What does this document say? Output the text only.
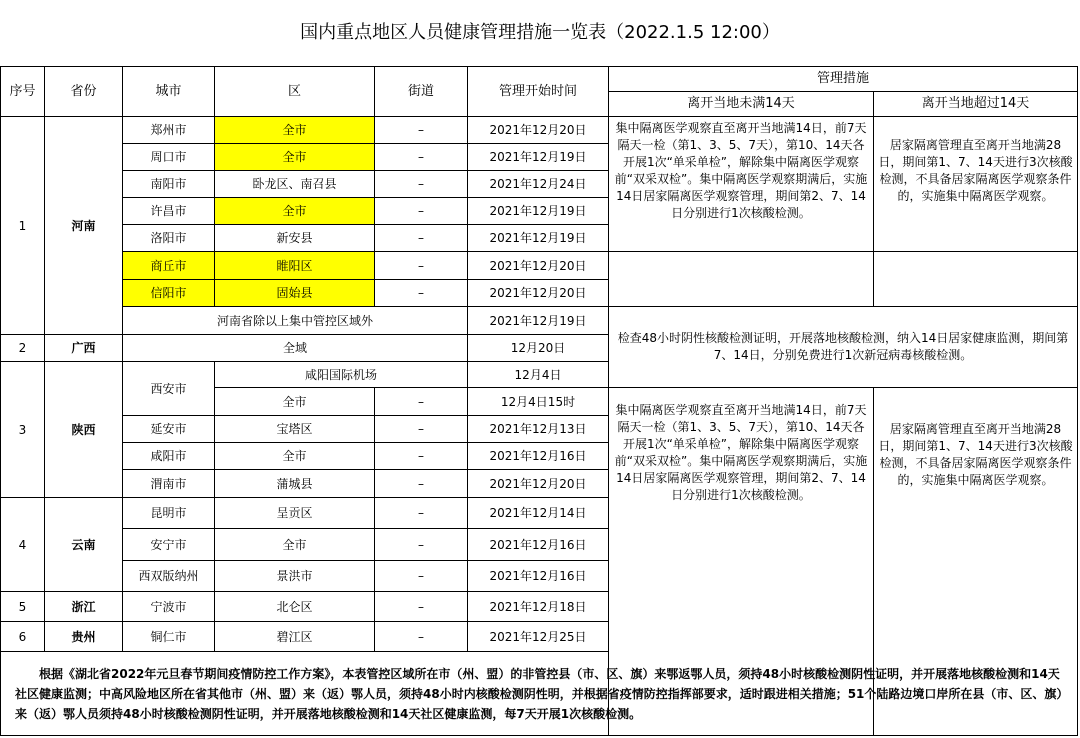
国内重点地区人员健康管理措施一览表（2022.1.5 12:00）
序号	省份	城市	区	街道	管理开始时间	管理措施	
						离开当地未满14天	离开当地超过14天
1	河南	郑州市	全市	–	2021年12月20日	集中隔离医学观察直至离开当地满14日，前7天隔天一检（第1、3、5、7天），第10、14天各开展1次“单采单检”，解除集中隔离医学观察前“双采双检”。集中隔离医学观察期满后，实施14日居家隔离医学观察管理，期间第2、7、14日分别进行1次核酸检测。	居家隔离管理直至离开当地满28日，期间第1、7、14天进行3次核酸检测，不具备居家隔离医学观察条件的，实施集中隔离医学观察。
		周口市	全市	–	2021年12月19日		
		南阳市	卧龙区、南召县	–	2021年12月24日		
		许昌市	全市	–	2021年12月19日		
		洛阳市	新安县	–	2021年12月19日		
		商丘市	睢阳区	–	2021年12月20日		
		信阳市	固始县	–	2021年12月20日		
		河南省除以上集中管控区域外			2021年12月19日	检查48小时阴性核酸检测证明，开展落地核酸检测，纳入14日居家健康监测，期间第7、14日，分别免费进行1次新冠病毒核酸检测。	
2	广西	全域			12月20日		
3	陕西	西安市	咸阳国际机场		12月4日		
			全市	–	12月4日15时	集中隔离医学观察直至离开当地满14日，前7天隔天一检（第1、3、5、7天），第10、14天各开展1次“单采单检”，解除集中隔离医学观察前“双采双检”。集中隔离医学观察期满后，实施14日居家隔离医学观察管理，期间第2、7、14日分别进行1次核酸检测。	居家隔离管理直至离开当地满28日，期间第1、7、14天进行3次核酸检测，不具备居家隔离医学观察条件的，实施集中隔离医学观察。
		延安市	宝塔区	–	2021年12月13日		
		咸阳市	全市	–	2021年12月16日		
		渭南市	蒲城县	–	2021年12月20日		
4	云南	昆明市	呈贡区	–	2021年12月14日		
		安宁市	全市	–	2021年12月16日		
		西双版纳州	景洪市	–	2021年12月16日		
5	浙江	宁波市	北仑区	–	2021年12月18日		
6	贵州	铜仁市	碧江区	–	2021年12月25日		
根据《湖北省2022年元旦春节期间疫情防控工作方案》，本表管控区域所在市（州、盟）的非管控县（市、区、旗）来鄂返鄂人员，须持48小时核酸检测阴性证明，并开展落地核酸检测和14天社区健康监测；中高风险地区所在省其他市（州、盟）来（返）鄂人员，须持48小时内核酸检测阴性明，并根据省疫情防控指挥部要求，适时跟进相关措施；51个陆路边境口岸所在县（市、区、旗）来（返）鄂人员须持48小时核酸检测阴性证明，并开展落地核酸检测和14天社区健康监测，每7天开展1次核酸检测。							
